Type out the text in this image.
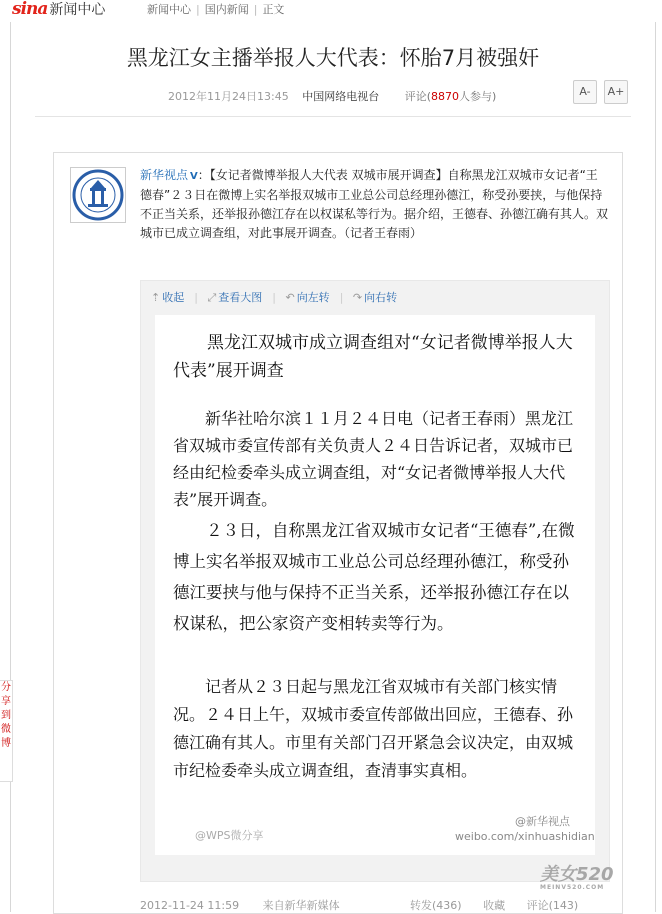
sina 新闻中心	新闻中心 | 国内新闻 | 正文
黑龙江女主播举报人大代表：怀胎7月被强奸
2012年11月24日13:45 中国网络电视台 评论(8870人参与)	A-	A+
新华视点 V：【女记者微博举报人大代表 双城市展开调查】自称黑龙江双城市女记者“王德春”２３日在微博上实名举报双城市工业总公司总经理孙德江，称受孙要挟，与他保持不正当关系，还举报孙德江存在以权谋私等行为。据介绍，王德春、孙德江确有其人。双城市已成立调查组，对此事展开调查。（记者王春雨）
⇡ 收起 | ⤢ 查看大图 | ↶ 向左转 | ↷ 向右转

黑龙江双城市成立调查组对“女记者微博举报人大代表”展开调查

新华社哈尔滨１１月２４日电（记者王春雨）黑龙江省双城市委宣传部有关负责人２４日告诉记者，双城市已经由纪检委牵头成立调查组，对“女记者微博举报人大代表”展开调查。

２３日，自称黑龙江省双城市女记者“王德春”,在微博上实名举报双城市工业总公司总经理孙德江，称受孙德江要挟与他与保持不正当关系，还举报孙德江存在以权谋私，把公家资产变相转卖等行为。

记者从２３日起与黑龙江省双城市有关部门核实情况。２４日上午，双城市委宣传部做出回应，王德春、孙德江确有其人。市里有关部门召开紧急会议决定，由双城市纪检委牵头成立调查组，查清事实真相。

@新华视点
weibo.com/xinhuashidian
@WPS微分享
2012-11-24 11:59 来自新华新媒体	转发(436) 收藏 评论(143)
分享到微博
美女520
MEINV520.COM
